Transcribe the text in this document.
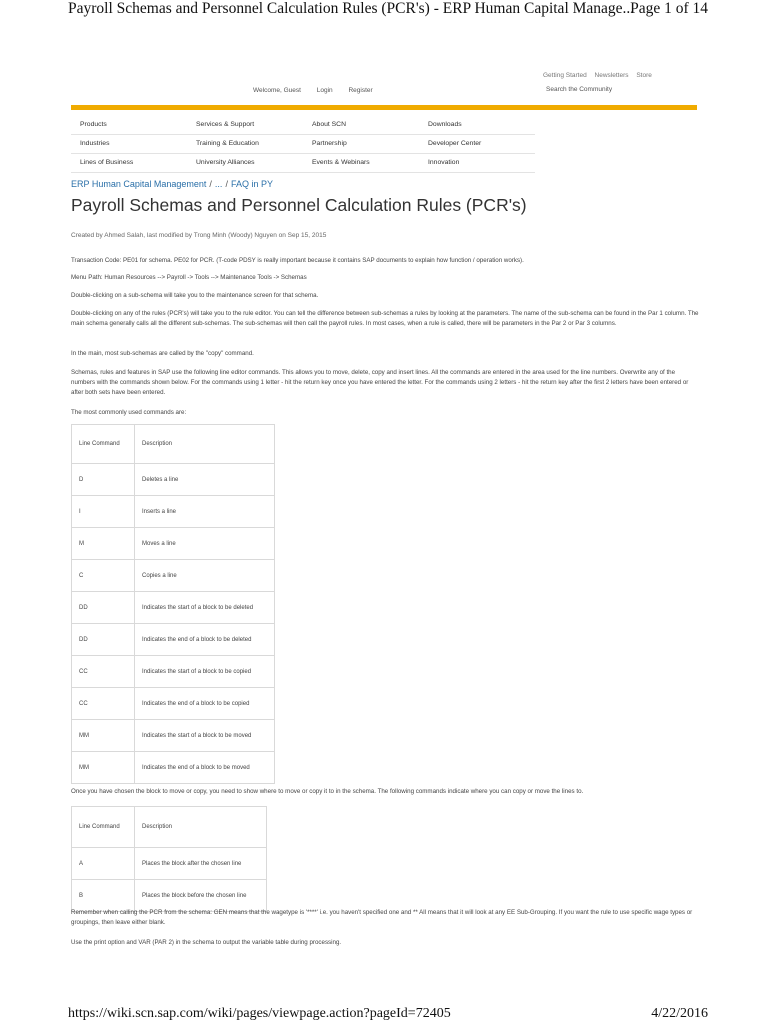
Payroll Schemas and Personnel Calculation Rules (PCR's) - ERP Human Capital Manage...
Page 1 of 14
Getting Started Newsletters Store
Search the Community
Welcome, Guest Login Register
Products	Services & Support	About SCN	Downloads
Industries	Training & Education	Partnership	Developer Center
Lines of Business	University Alliances	Events & Webinars	Innovation
ERP Human Capital Management / ... / FAQ in PY
Payroll Schemas and Personnel Calculation Rules (PCR's)
Created by Ahmed Salah, last modified by Trong Minh (Woody) Nguyen on Sep 15, 2015

Transaction Code: PE01 for schema. PE02 for PCR. (T-code PDSY is really important because it contains SAP documents to explain how function / operation works).

Menu Path: Human Resources --> Payroll -> Tools --> Maintenance Tools -> Schemas

Double-clicking on a sub-schema will take you to the maintenance screen for that schema.

Double-clicking on any of the rules (PCR's) will take you to the rule editor. You can tell the difference between sub-schemas a rules by looking at the parameters. The name of the sub-schema can be found in the Par 1 column. The main schema generally calls all the different sub-schemas. The sub-schemas will then call the payroll rules. In most cases, when a rule is called, there will be parameters in the Par 2 or Par 3 columns.

In the main, most sub-schemas are called by the "copy" command.

Schemas, rules and features in SAP use the following line editor commands. This allows you to move, delete, copy and insert lines. All the commands are entered in the area used for the line numbers. Overwrite any of the numbers with the commands shown below. For the commands using 1 letter - hit the return key once you have entered the letter. For the commands using 2 letters - hit the return key after the first 2 letters have been entered or after both sets have been entered.

The most commonly used commands are:

Line Command	Description
D	Deletes a line
I	Inserts a line
M	Moves a line
C	Copies a line
DD	Indicates the start of a block to be deleted
DD	Indicates the end of a block to be deleted
CC	Indicates the start of a block to be copied
CC	Indicates the end of a block to be copied
MM	Indicates the start of a block to be moved
MM	Indicates the end of a block to be moved

Once you have chosen the block to move or copy, you need to show where to move or copy it to in the schema. The following commands indicate where you can copy or move the lines to.

Line Command	Description
A	Places the block after the chosen line
B	Places the block before the chosen line

Remember when calling the PCR from the schema: GEN means that the wagetype is '****' i.e. you haven't specified one and ** All means that it will look at any EE Sub-Grouping. If you want the rule to use specific wage types or groupings, then leave either blank.

Use the print option and VAR (PAR 2) in the schema to output the variable table during processing.

https://wiki.scn.sap.com/wiki/pages/viewpage.action?pageId=72405	4/22/2016
